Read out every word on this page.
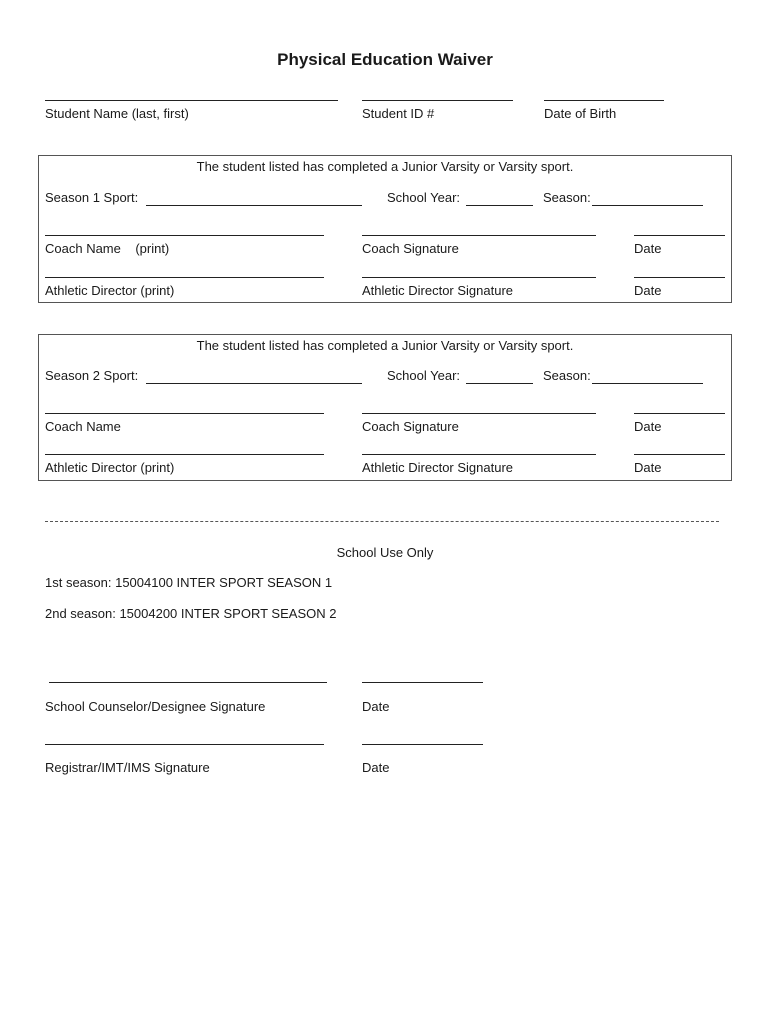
Physical Education Waiver
Student Name (last, first)	Student ID #	Date of Birth
The student listed has completed a Junior Varsity or Varsity sport.
Season 1 Sport:	School Year:	Season:
Coach Name    (print)	Coach Signature	Date
Athletic Director (print)	Athletic Director Signature	Date
The student listed has completed a Junior Varsity or Varsity sport.
Season 2 Sport:	School Year:	Season:
Coach Name	Coach Signature	Date
Athletic Director (print)	Athletic Director Signature	Date
School Use Only
1st season: 15004100 INTER SPORT SEASON 1
2nd season: 15004200 INTER SPORT SEASON 2
School Counselor/Designee Signature	Date
Registrar/IMT/IMS Signature	Date
